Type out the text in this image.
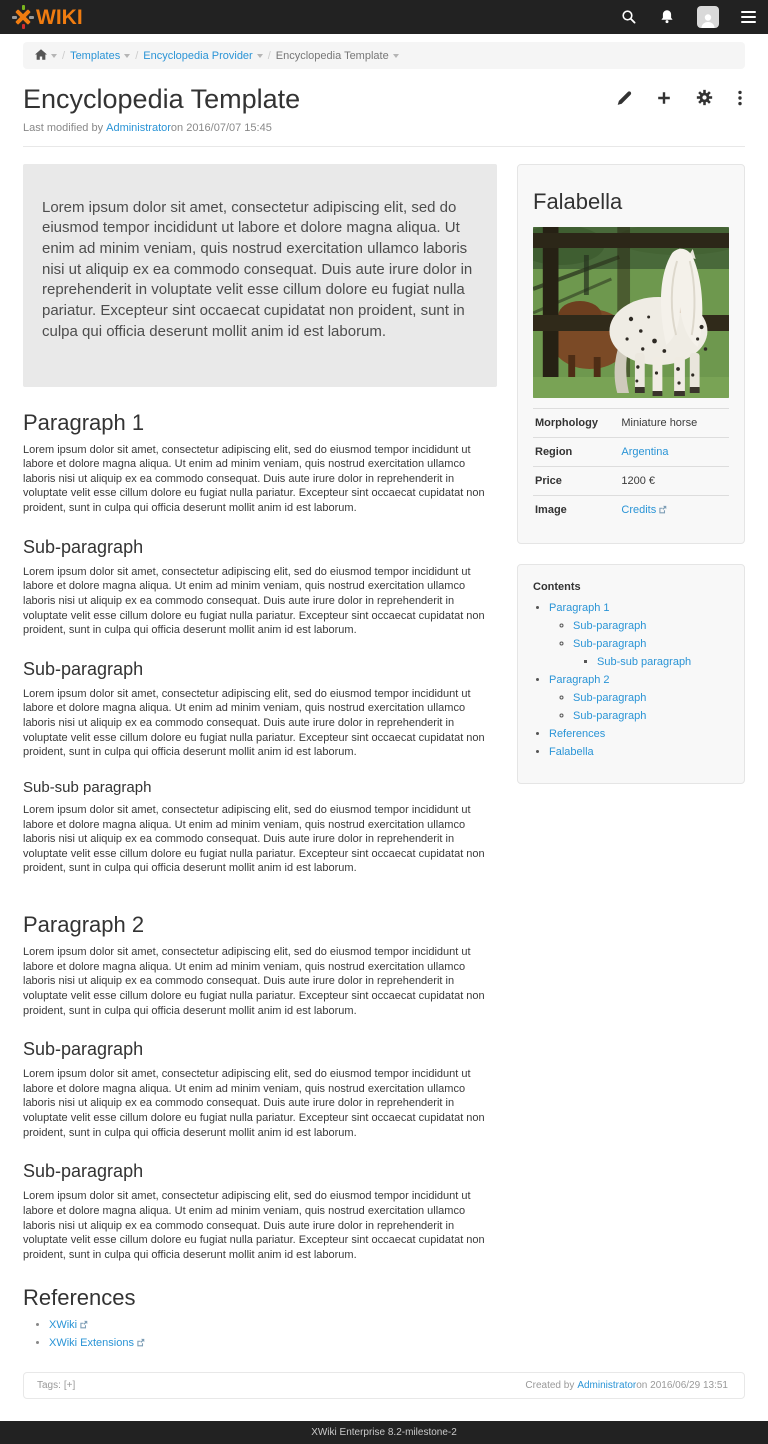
WIKI
/ Templates / Encyclopedia Provider / Encyclopedia Template
Encyclopedia Template
Last modified by Administratoron 2016/07/07 15:45
Lorem ipsum dolor sit amet, consectetur adipiscing elit, sed do eiusmod tempor incididunt ut labore et dolore magna aliqua. Ut enim ad minim veniam, quis nostrud exercitation ullamco laboris nisi ut aliquip ex ea commodo consequat. Duis aute irure dolor in reprehenderit in voluptate velit esse cillum dolore eu fugiat nulla pariatur. Excepteur sint occaecat cupidatat non proident, sunt in culpa qui officia deserunt mollit anim id est laborum.
Paragraph 1

Lorem ipsum dolor sit amet, consectetur adipiscing elit, sed do eiusmod tempor incididunt ut labore et dolore magna aliqua. Ut enim ad minim veniam, quis nostrud exercitation ullamco laboris nisi ut aliquip ex ea commodo consequat. Duis aute irure dolor in reprehenderit in voluptate velit esse cillum dolore eu fugiat nulla pariatur. Excepteur sint occaecat cupidatat non proident, sunt in culpa qui officia deserunt mollit anim id est laborum.

Sub-paragraph

Lorem ipsum dolor sit amet, consectetur adipiscing elit, sed do eiusmod tempor incididunt ut labore et dolore magna aliqua. Ut enim ad minim veniam, quis nostrud exercitation ullamco laboris nisi ut aliquip ex ea commodo consequat. Duis aute irure dolor in reprehenderit in voluptate velit esse cillum dolore eu fugiat nulla pariatur. Excepteur sint occaecat cupidatat non proident, sunt in culpa qui officia deserunt mollit anim id est laborum.

Sub-paragraph

Lorem ipsum dolor sit amet, consectetur adipiscing elit, sed do eiusmod tempor incididunt ut labore et dolore magna aliqua. Ut enim ad minim veniam, quis nostrud exercitation ullamco laboris nisi ut aliquip ex ea commodo consequat. Duis aute irure dolor in reprehenderit in voluptate velit esse cillum dolore eu fugiat nulla pariatur. Excepteur sint occaecat cupidatat non proident, sunt in culpa qui officia deserunt mollit anim id est laborum.

Sub-sub paragraph

Lorem ipsum dolor sit amet, consectetur adipiscing elit, sed do eiusmod tempor incididunt ut labore et dolore magna aliqua. Ut enim ad minim veniam, quis nostrud exercitation ullamco laboris nisi ut aliquip ex ea commodo consequat. Duis aute irure dolor in reprehenderit in voluptate velit esse cillum dolore eu fugiat nulla pariatur. Excepteur sint occaecat cupidatat non proident, sunt in culpa qui officia deserunt mollit anim id est laborum.

Paragraph 2

Lorem ipsum dolor sit amet, consectetur adipiscing elit, sed do eiusmod tempor incididunt ut labore et dolore magna aliqua. Ut enim ad minim veniam, quis nostrud exercitation ullamco laboris nisi ut aliquip ex ea commodo consequat. Duis aute irure dolor in reprehenderit in voluptate velit esse cillum dolore eu fugiat nulla pariatur. Excepteur sint occaecat cupidatat non proident, sunt in culpa qui officia deserunt mollit anim id est laborum.

Sub-paragraph

Lorem ipsum dolor sit amet, consectetur adipiscing elit, sed do eiusmod tempor incididunt ut labore et dolore magna aliqua. Ut enim ad minim veniam, quis nostrud exercitation ullamco laboris nisi ut aliquip ex ea commodo consequat. Duis aute irure dolor in reprehenderit in voluptate velit esse cillum dolore eu fugiat nulla pariatur. Excepteur sint occaecat cupidatat non proident, sunt in culpa qui officia deserunt mollit anim id est laborum.

Sub-paragraph

Lorem ipsum dolor sit amet, consectetur adipiscing elit, sed do eiusmod tempor incididunt ut labore et dolore magna aliqua. Ut enim ad minim veniam, quis nostrud exercitation ullamco laboris nisi ut aliquip ex ea commodo consequat. Duis aute irure dolor in reprehenderit in voluptate velit esse cillum dolore eu fugiat nulla pariatur. Excepteur sint occaecat cupidatat non proident, sunt in culpa qui officia deserunt mollit anim id est laborum.

References
• XWiki
• XWiki Extensions
Falabella
Morphology	Miniature horse
Region	Argentina
Price	1200 €
Image	Credits
Contents
• Paragraph 1
◦ Sub-paragraph
◦ Sub-paragraph
▪ Sub-sub paragraph
• Paragraph 2
◦ Sub-paragraph
◦ Sub-paragraph
• References
• Falabella
Tags: [+]	Created by Administratoron 2016/06/29 13:51
XWiki Enterprise 8.2-milestone-2
